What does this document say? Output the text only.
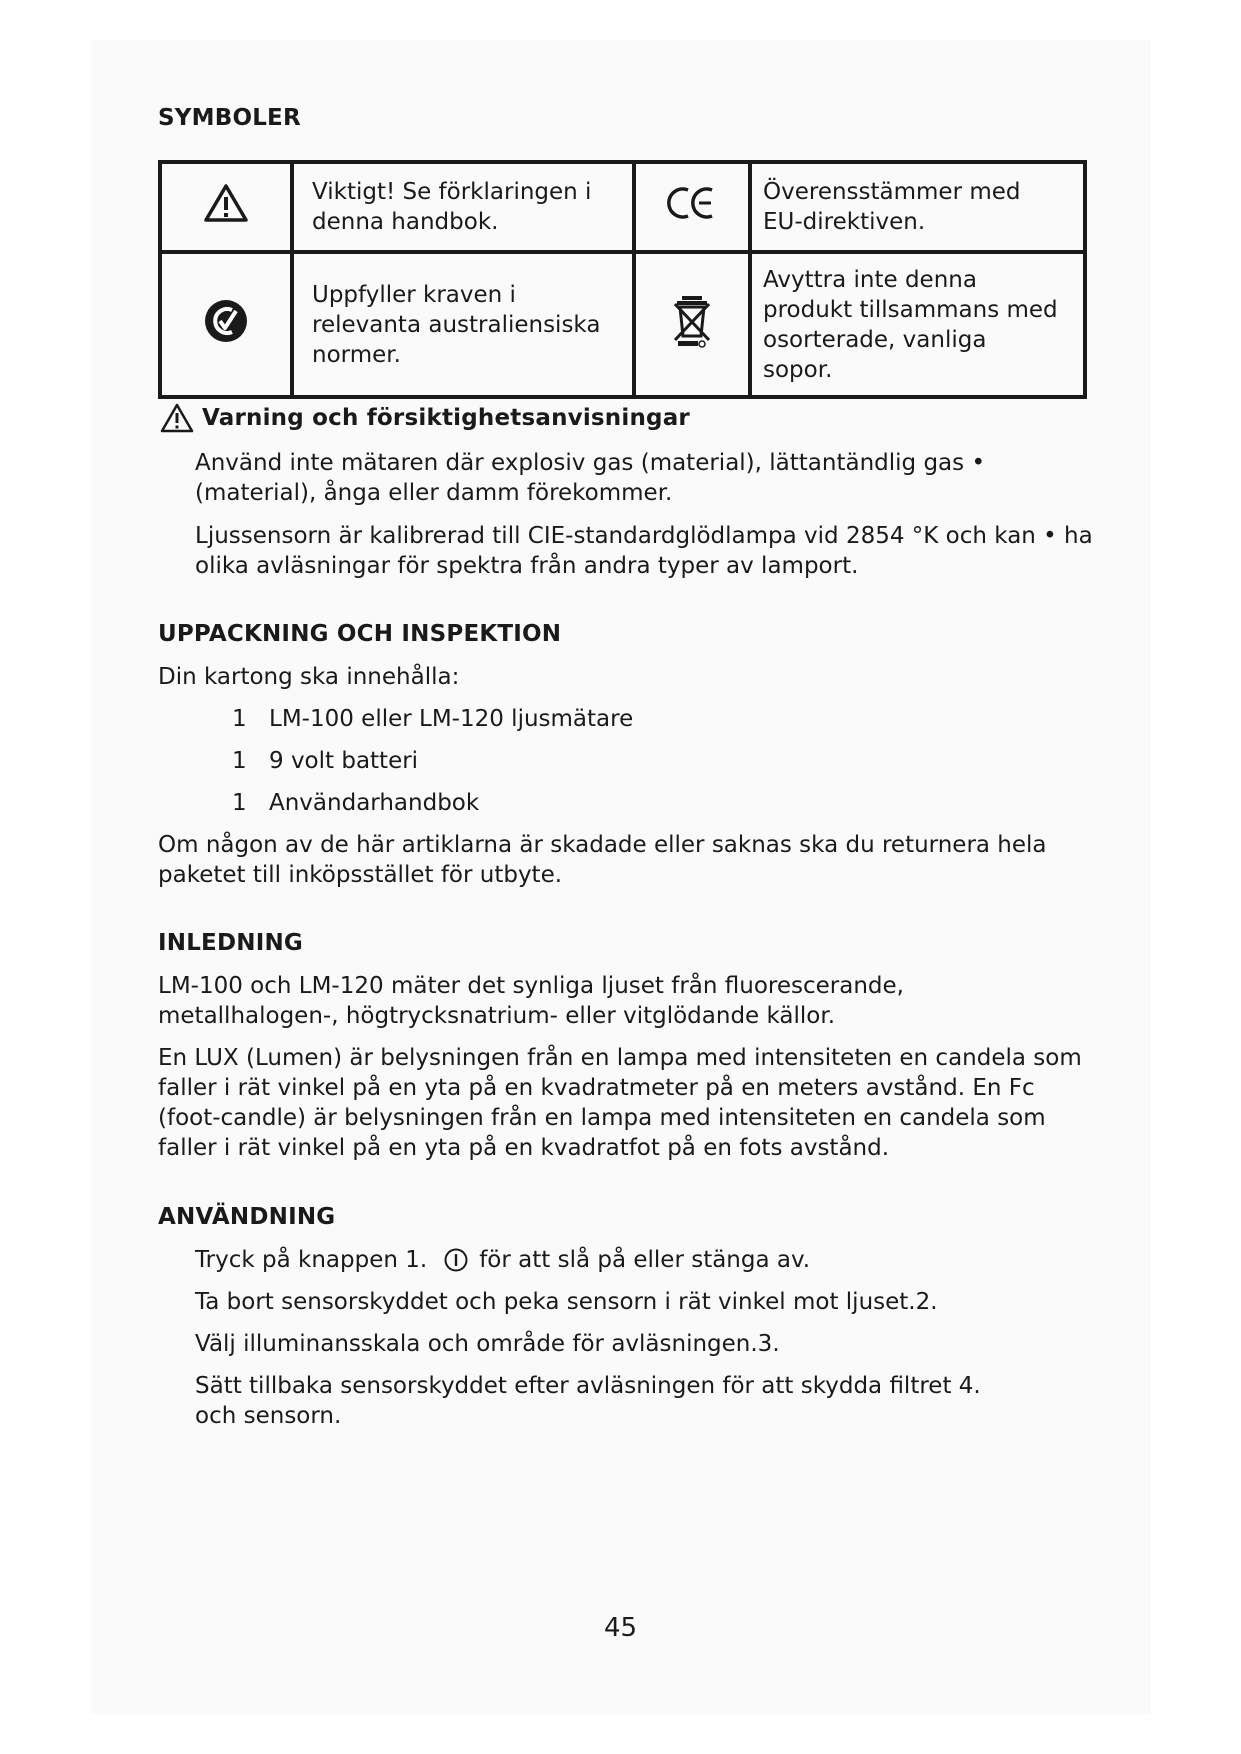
SYMBOLER

Viktigt! Se förklaringen i denna handbok.		Överensstämmer med EU-direktiven.

Uppfyller kraven i relevanta australiensiska normer.		Avyttra inte denna produkt tillsammans med osorterade, vanliga sopor.
Varning och försiktighetsanvisningar

Använd inte mätaren där explosiv gas (material), lättantändlig gas • (material), ånga eller damm förekommer.

Ljussensorn är kalibrerad till CIE-standardglödlampa vid 2854 °K och kan • ha olika avläsningar för spektra från andra typer av lamport.

UPPACKNING OCH INSPEKTION

Din kartong ska innehålla:

1 LM-100 eller LM-120 ljusmätare
1 9 volt batteri
1 Användarhandbok

Om någon av de här artiklarna är skadade eller saknas ska du returnera hela paketet till inköpsstället för utbyte.

INLEDNING

LM-100 och LM-120 mäter det synliga ljuset från fluorescerande, metallhalogen-, högtrycksnatrium- eller vitglödande källor.

En LUX (Lumen) är belysningen från en lampa med intensiteten en candela som faller i rät vinkel på en yta på en kvadratmeter på en meters avstånd. En Fc (foot-candle) är belysningen från en lampa med intensiteten en candela som faller i rät vinkel på en yta på en kvadratfot på en fots avstånd.

ANVÄNDNING
Tryck på knappen 1. för att slå på eller stänga av.

Ta bort sensorskyddet och peka sensorn i rät vinkel mot ljuset.2.

Välj illuminansskala och område för avläsningen.3.

Sätt tillbaka sensorskyddet efter avläsningen för att skydda filtret 4. och sensorn.

45
